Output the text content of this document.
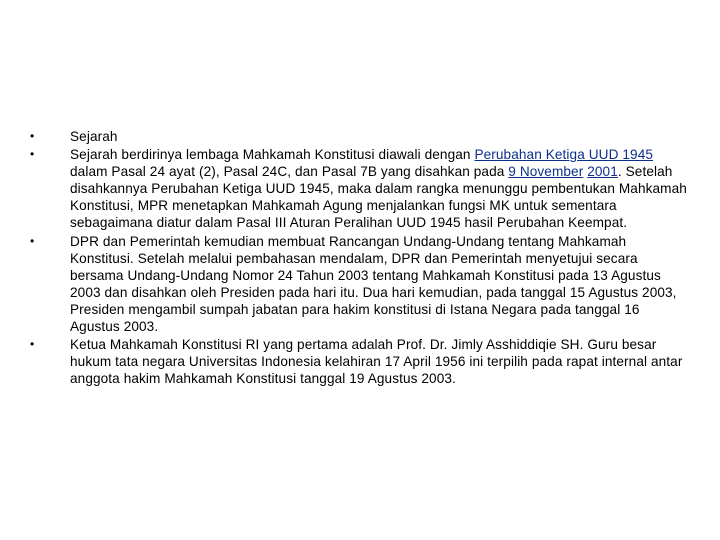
•	Sejarah
•	Sejarah berdirinya lembaga Mahkamah Konstitusi diawali dengan Perubahan Ketiga UUD 1945 dalam Pasal 24 ayat (2), Pasal 24C, dan Pasal 7B yang disahkan pada 9 November 2001. Setelah disahkannya Perubahan Ketiga UUD 1945, maka dalam rangka menunggu pembentukan Mahkamah Konstitusi, MPR menetapkan Mahkamah Agung menjalankan fungsi MK untuk sementara sebagaimana diatur dalam Pasal III Aturan Peralihan UUD 1945 hasil Perubahan Keempat.
•	DPR dan Pemerintah kemudian membuat Rancangan Undang-Undang tentang Mahkamah Konstitusi. Setelah melalui pembahasan mendalam, DPR dan Pemerintah menyetujui secara bersama Undang-Undang Nomor 24 Tahun 2003 tentang Mahkamah Konstitusi pada 13 Agustus 2003 dan disahkan oleh Presiden pada hari itu. Dua hari kemudian, pada tanggal 15 Agustus 2003, Presiden mengambil sumpah jabatan para hakim konstitusi di Istana Negara pada tanggal 16 Agustus 2003.
•	Ketua Mahkamah Konstitusi RI yang pertama adalah Prof. Dr. Jimly Asshiddiqie SH. Guru besar hukum tata negara Universitas Indonesia kelahiran 17 April 1956 ini terpilih pada rapat internal antar anggota hakim Mahkamah Konstitusi tanggal 19 Agustus 2003.
